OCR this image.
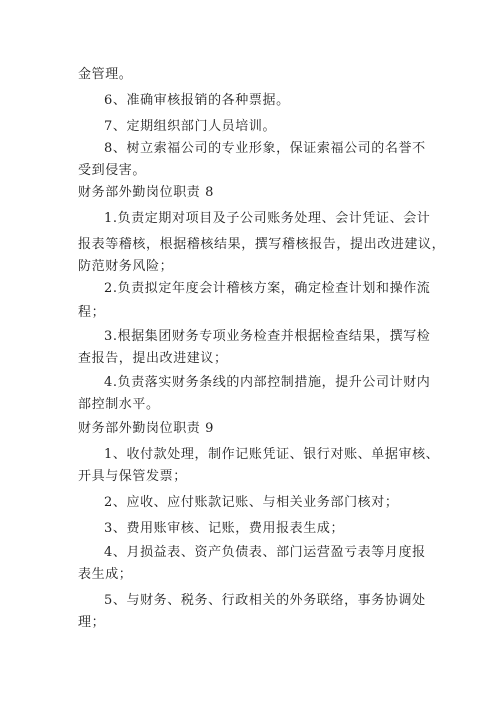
金管理。
6、准确审核报销的各种票据。
7、定期组织部门人员培训。
8、树立索福公司的专业形象，保证索福公司的名誉不
受到侵害。
财务部外勤岗位职责 8
1.负责定期对项目及子公司账务处理、会计凭证、会计
报表等稽核，根据稽核结果，撰写稽核报告，提出改进建议，
防范财务风险；
2.负责拟定年度会计稽核方案，确定检查计划和操作流
程；
3.根据集团财务专项业务检查并根据检查结果，撰写检
查报告，提出改进建议；
4.负责落实财务条线的内部控制措施，提升公司计财内
部控制水平。
财务部外勤岗位职责 9
1、收付款处理，制作记账凭证、银行对账、单据审核、
开具与保管发票；
2、应收、应付账款记账、与相关业务部门核对；
3、费用账审核、记账，费用报表生成；
4、月损益表、资产负债表、部门运营盈亏表等月度报
表生成；
5、与财务、税务、行政相关的外务联络，事务协调处
理；
